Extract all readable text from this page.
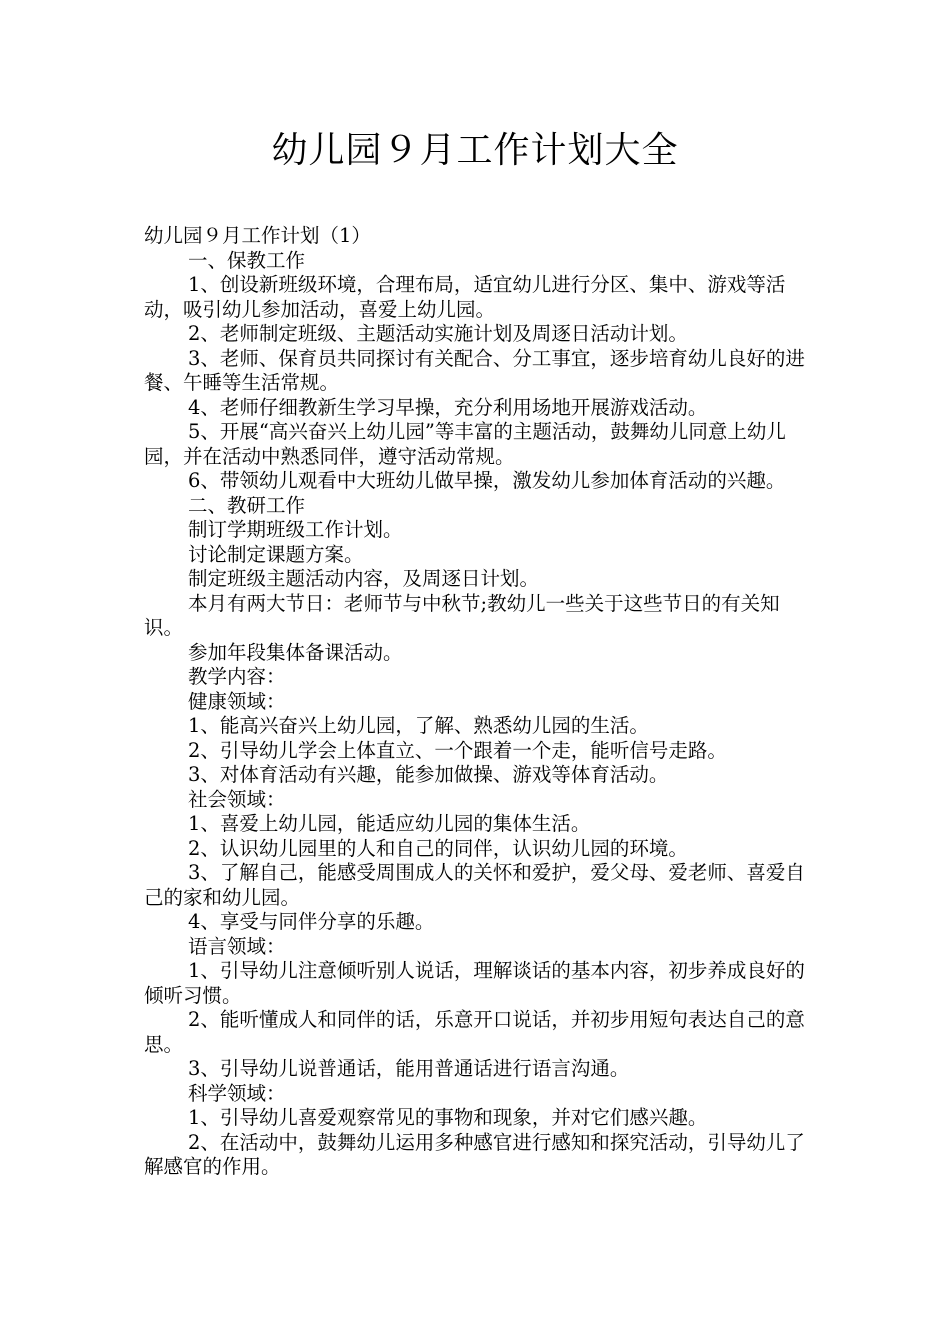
幼儿园９月工作计划大全

幼儿园９月工作计划（1）

一、保教工作

1、创设新班级环境，合理布局，适宜幼儿进行分区、集中、游戏等活动，吸引幼儿参加活动，喜爱上幼儿园。

2、老师制定班级、主题活动实施计划及周逐日活动计划。

3、老师、保育员共同探讨有关配合、分工事宜，逐步培育幼儿良好的进餐、午睡等生活常规。

4、老师仔细教新生学习早操，充分利用场地开展游戏活动。

5、开展“高兴奋兴上幼儿园”等丰富的主题活动，鼓舞幼儿同意上幼儿园，并在活动中熟悉同伴，遵守活动常规。

6、带领幼儿观看中大班幼儿做早操，激发幼儿参加体育活动的兴趣。

二、教研工作

制订学期班级工作计划。

讨论制定课题方案。

制定班级主题活动内容，及周逐日计划。

本月有两大节日：老师节与中秋节;教幼儿一些关于这些节日的有关知识。

参加年段集体备课活动。

教学内容：

健康领域：

1、能高兴奋兴上幼儿园，了解、熟悉幼儿园的生活。

2、引导幼儿学会上体直立、一个跟着一个走，能听信号走路。

3、对体育活动有兴趣，能参加做操、游戏等体育活动。

社会领域：

1、喜爱上幼儿园，能适应幼儿园的集体生活。

2、认识幼儿园里的人和自己的同伴，认识幼儿园的环境。

3、了解自己，能感受周围成人的关怀和爱护，爱父母、爱老师、喜爱自己的家和幼儿园。

4、享受与同伴分享的乐趣。

语言领域：

1、引导幼儿注意倾听别人说话，理解谈话的基本内容，初步养成良好的倾听习惯。

2、能听懂成人和同伴的话，乐意开口说话，并初步用短句表达自己的意思。

3、引导幼儿说普通话，能用普通话进行语言沟通。

科学领域：

1、引导幼儿喜爱观察常见的事物和现象，并对它们感兴趣。

2、在活动中，鼓舞幼儿运用多种感官进行感知和探究活动，引导幼儿了解感官的作用。
